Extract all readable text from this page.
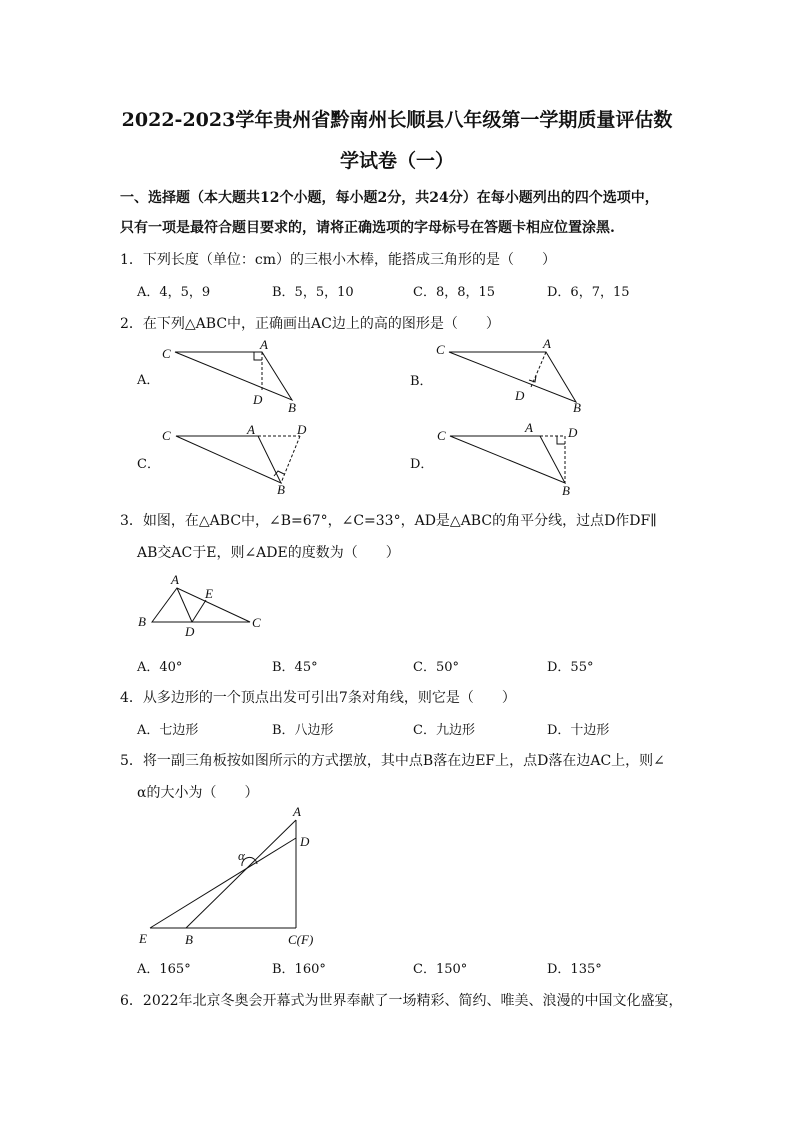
2022-2023学年贵州省黔南州长顺县八年级第一学期质量评估数
学试卷（一）
一、选择题（本大题共12个小题，每小题2分，共24分）在每小题列出的四个选项中，
只有一项是最符合题目要求的，请将正确选项的字母标号在答题卡相应位置涂黑.
1．下列长度（单位：cm）的三根小木棒，能搭成三角形的是（　　）
A．4，5，9	B．5，5，10	C．8，8，15	D．6，7，15
2．在下列△ABC中，正确画出AC边上的高的图形是（　　）
A．	B．
C．	D．
C
A
D
B
C	A
D
B
C	A	D
B
C
A	D
B
A
B
D
C
E
A
D
α
E	B	C(F)
3．如图，在△ABC中，∠B=67°，∠C=33°，AD是△ABC的角平分线，过点D作DF∥
AB交AC于E，则∠ADE的度数为（　　）
A．40°	B．45°	C．50°	D．55°
4．从多边形的一个顶点出发可引出7条对角线，则它是（　　）
A．七边形	B．八边形	C．九边形	D．十边形
5．将一副三角板按如图所示的方式摆放，其中点B落在边EF上，点D落在边AC上，则∠
α的大小为（　　）
A．165°	B．160°	C．150°	D．135°
6．2022年北京冬奥会开幕式为世界奉献了一场精彩、简约、唯美、浪漫的中国文化盛宴，
